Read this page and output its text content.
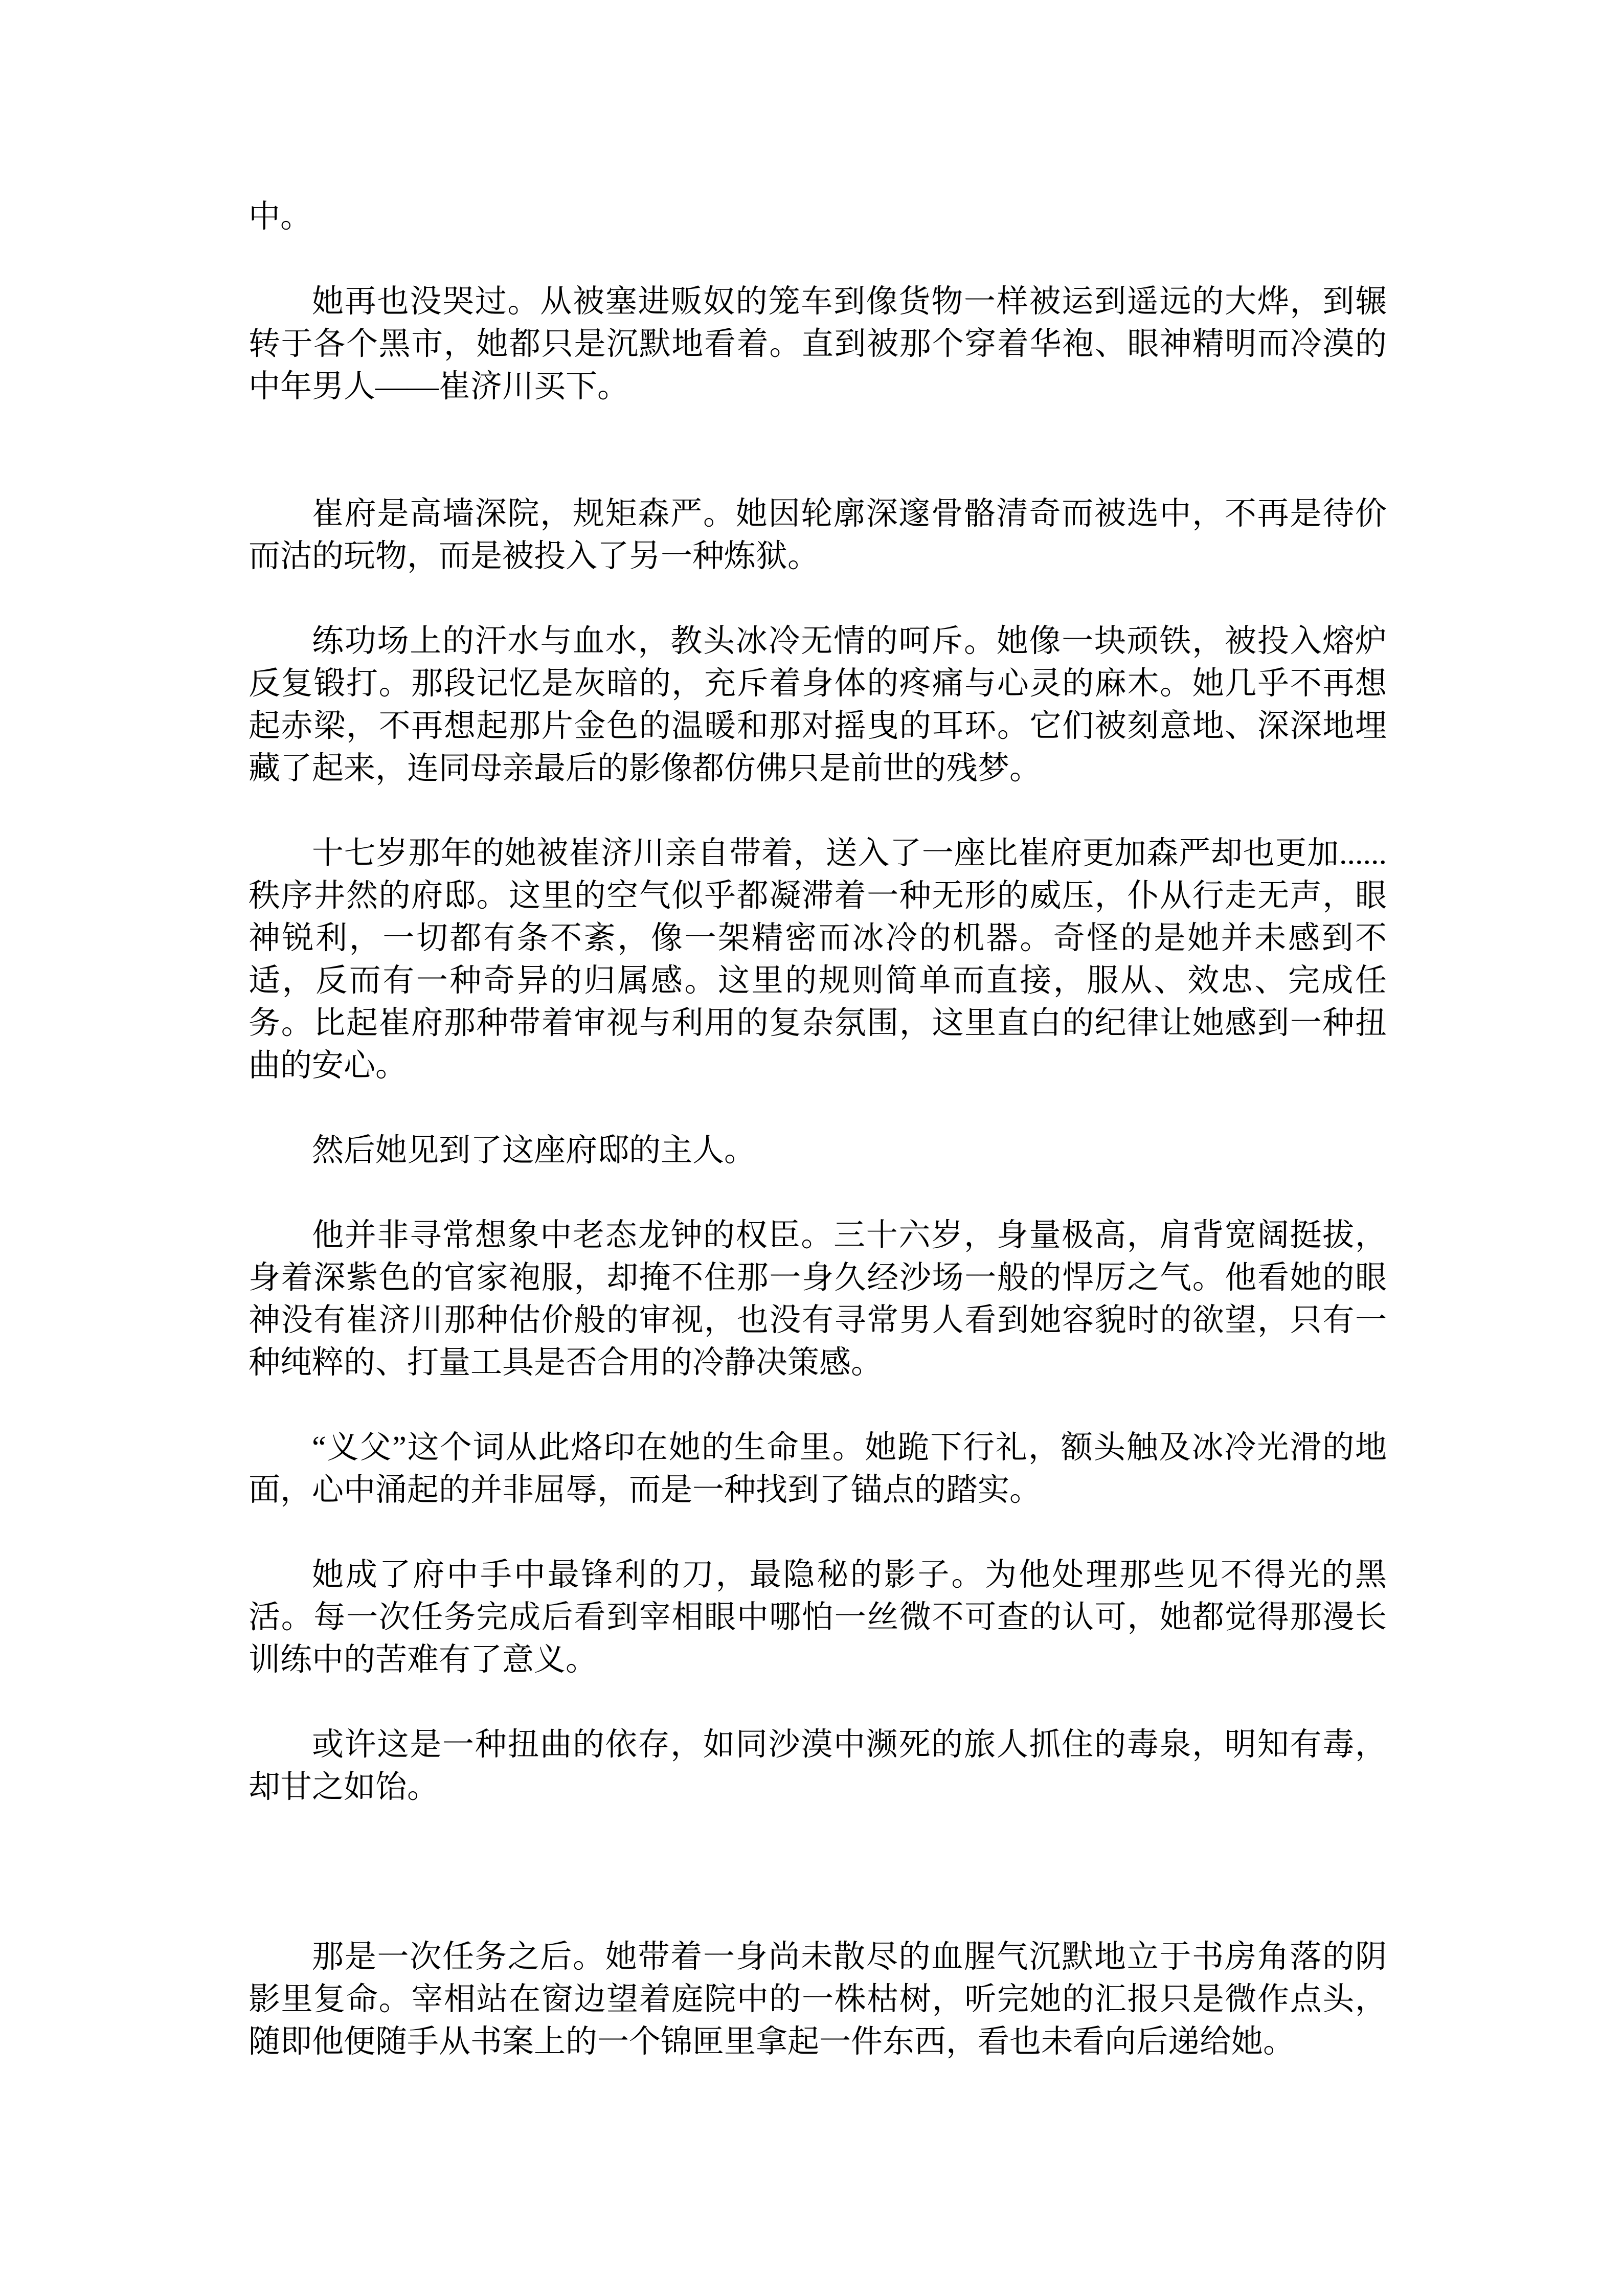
中。

她再也没哭过。从被塞进贩奴的笼车到像货物一样被运到遥远的大烨，到辗转于各个黑市，她都只是沉默地看着。直到被那个穿着华袍、眼神精明而冷漠的中年男人——崔济川买下。

崔府是高墙深院，规矩森严。她因轮廓深邃骨骼清奇而被选中，不再是待价而沽的玩物，而是被投入了另一种炼狱。

练功场上的汗水与血水，教头冰冷无情的呵斥。她像一块顽铁，被投入熔炉反复锻打。那段记忆是灰暗的，充斥着身体的疼痛与心灵的麻木。她几乎不再想起赤梁，不再想起那片金色的温暖和那对摇曳的耳环。它们被刻意地、深深地埋藏了起来，连同母亲最后的影像都仿佛只是前世的残梦。

十七岁那年的她被崔济川亲自带着，送入了一座比崔府更加森严却也更加......秩序井然的府邸。这里的空气似乎都凝滞着一种无形的威压，仆从行走无声，眼神锐利，一切都有条不紊，像一架精密而冰冷的机器。奇怪的是她并未感到不适，反而有一种奇异的归属感。这里的规则简单而直接，服从、效忠、完成任务。比起崔府那种带着审视与利用的复杂氛围，这里直白的纪律让她感到一种扭曲的安心。

然后她见到了这座府邸的主人。

他并非寻常想象中老态龙钟的权臣。三十六岁，身量极高，肩背宽阔挺拔，身着深紫色的官家袍服，却掩不住那一身久经沙场一般的悍厉之气。他看她的眼神没有崔济川那种估价般的审视，也没有寻常男人看到她容貌时的欲望，只有一种纯粹的、打量工具是否合用的冷静决策感。

“义父”这个词从此烙印在她的生命里。她跪下行礼，额头触及冰冷光滑的地面，心中涌起的并非屈辱，而是一种找到了锚点的踏实。

她成了府中手中最锋利的刀，最隐秘的影子。为他处理那些见不得光的黑活。每一次任务完成后看到宰相眼中哪怕一丝微不可查的认可，她都觉得那漫长训练中的苦难有了意义。

或许这是一种扭曲的依存，如同沙漠中濒死的旅人抓住的毒泉，明知有毒，却甘之如饴。

那是一次任务之后。她带着一身尚未散尽的血腥气沉默地立于书房角落的阴影里复命。宰相站在窗边望着庭院中的一株枯树，听完她的汇报只是微作点头，随即他便随手从书案上的一个锦匣里拿起一件东西，看也未看向后递给她。
